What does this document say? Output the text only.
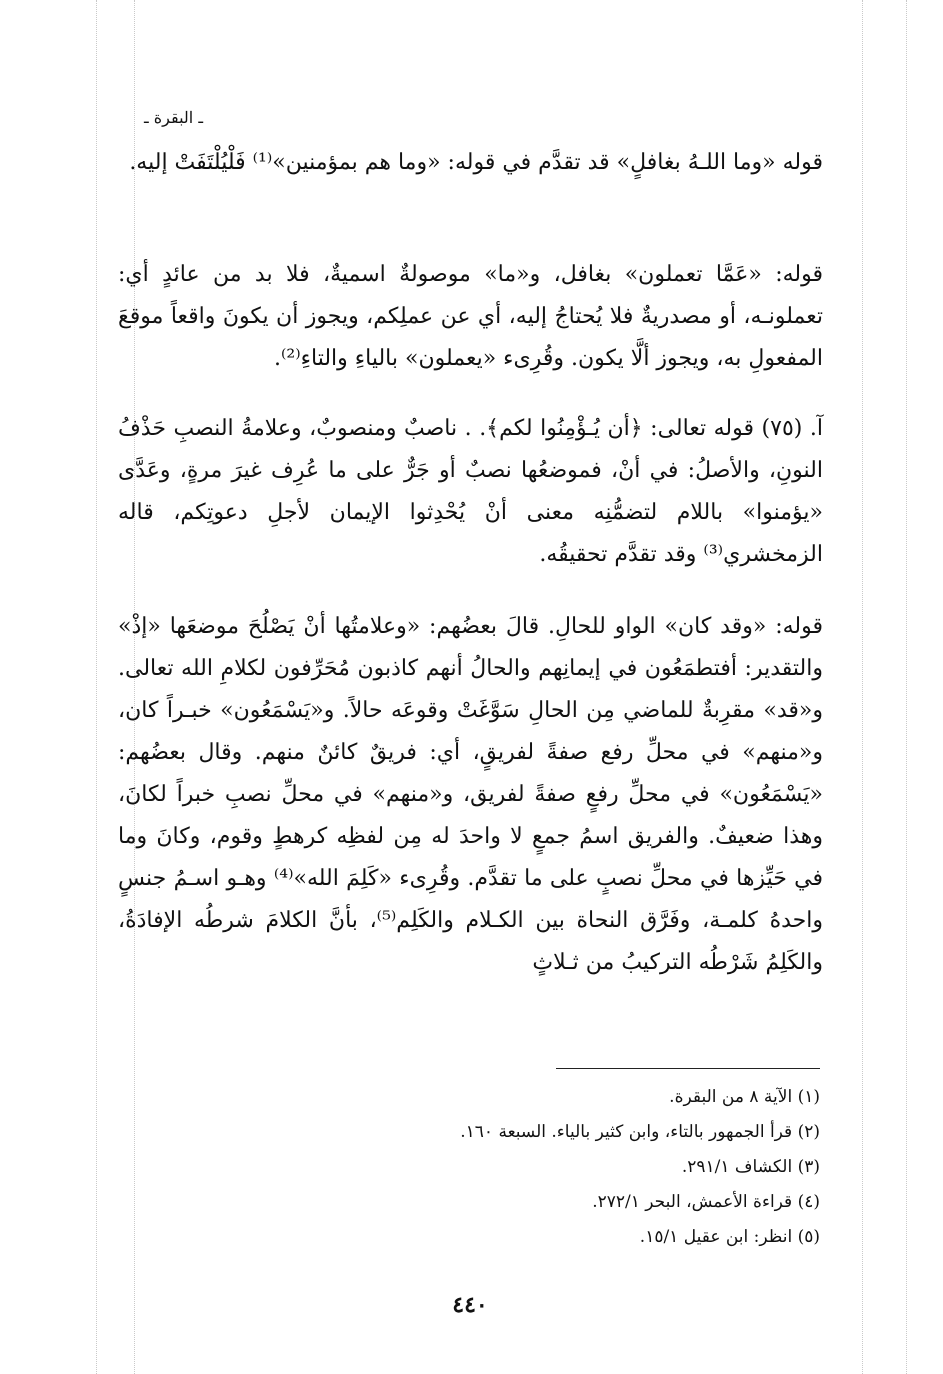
ـ البقرة ـ

قوله «وما اللـهُ بغافلٍ» قد تقدَّم في قوله: «وما هم بمؤمنين»⁽¹⁾ فَلْيُلْتَفَتْ إليه.

قوله: «عَمَّا تعملون» بغافل، و«ما» موصولةٌ اسميةٌ، فلا بد من عائدٍ أي: تعملونـه، أو مصدريةٌ فلا يُحتاجُ إليه، أي عن عملِكم، ويجوز أن يكونَ واقعاً موقعَ المفعولِ به، ويجوز ألَّا يكون. وقُرِىء «يعملون» بالياءِ والتاءِ⁽²⁾.

آ. (٧٥) قوله تعالى: ﴿أن يُـؤْمِنُوا لكم﴾. . ناصبٌ ومنصوبٌ، وعلامةُ النصبِ حَذْفُ النونِ، والأصلُ: في أنْ، فموضعُها نصبٌ أو جَرٌّ على ما عُرِف غيرَ مرةٍ، وعَدَّى «يؤمنوا» باللام لتضمُّنِه معنى أنْ يُحْدِثوا الإيمان لأجلِ دعوتِكم، قاله الزمخشري⁽³⁾ وقد تقدَّم تحقيقُه.

قوله: «وقد كان» الواو للحالِ. قالَ بعضُهم: «وعلامتُها أنْ يَصْلُحَ موضعَها «إذْ» والتقدير: أفتطمَعُون في إيمانِهم والحالُ أنهم كاذبون مُحَرِّفون لكلامِ الله تعالى. و«قد» مقرِبةٌ للماضي مِن الحالِ سَوَّغَتْ وقوعَه حالاً. و«يَسْمَعُون» خبـراً كان، و«منهم» في محلِّ رفع صفةً لفريقٍ، أي: فريقٌ كائنٌ منهم. وقال بعضُهم: «يَسْمَعُون» في محلِّ رفعٍ صفةً لفريق، و«منهم» في محلِّ نصبِ خبراً لكانَ، وهذا ضعيفٌ. والفريق اسمُ جمعٍ لا واحدَ له مِن لفظِه كرهطٍ وقوم، وكانَ وما في حَيِّزها في محلِّ نصبٍ على ما تقدَّم. وقُرِىء «كَلِمَ الله»⁽⁴⁾ وهـو اسـمُ جنسٍ واحدهُ كلمـة، وفَرَّق النحاة بين الكـلام والكَلِم⁽⁵⁾، بأنَّ الكلامَ شرطُه الإفادَةُ، والكَلِمُ شَرْطُه التركيبُ من ثـلاثٍ

(١) الآية ٨ من البقرة.
(٢) قرأ الجمهور بالتاء، وابن كثير بالياء. السبعة ١٦٠.
(٣) الكشاف ٢٩١/١.
(٤) قراءة الأعمش، البحر ٢٧٢/١.
(٥) انظر: ابن عقيل ١٥/١.
٤٤٠
